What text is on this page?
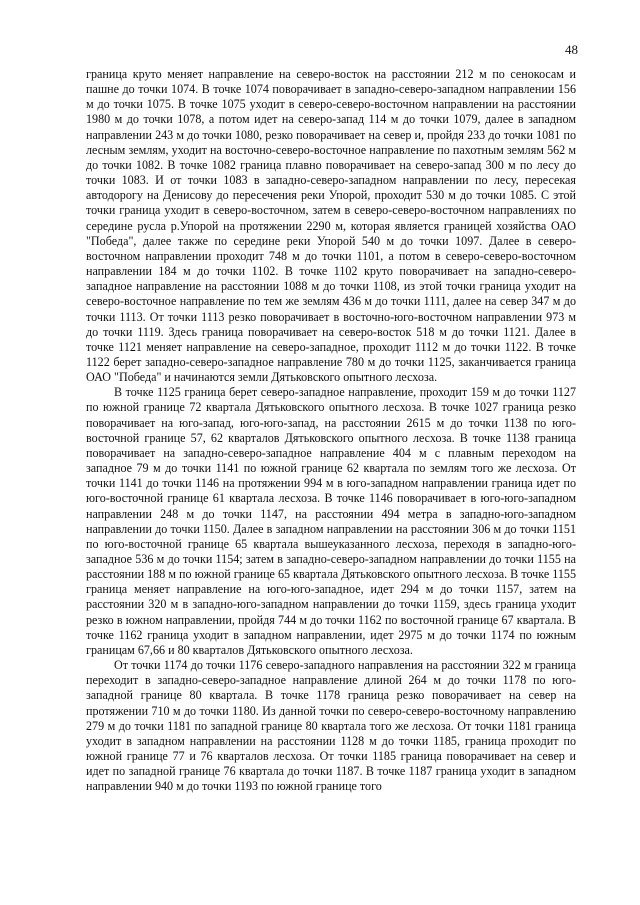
48

граница круто меняет направление на северо-восток на расстоянии 212 м по сенокосам и пашне до точки 1074. В точке 1074 поворачивает в западно-северо-западном направлении 156 м до точки 1075. В точке 1075 уходит в северо-северо-восточном направлении на расстоянии 1980 м до точки 1078, а потом идет на северо-запад 114 м до точки 1079, далее в западном направлении 243 м до точки 1080, резко поворачивает на север и, пройдя 233 до точки 1081 по лесным землям, уходит на восточно-северо-восточное направление по пахотным землям 562 м до точки 1082. В точке 1082 граница плавно поворачивает на северо-запад 300 м по лесу до точки 1083. И от точки 1083 в западно-северо-западном направлении по лесу, пересекая автодорогу на Денисову до пересечения реки Упорой, проходит 530 м до точки 1085. С этой точки граница уходит в северо-восточном, затем в северо-северо-восточном направлениях по середине русла р.Упорой на протяжении 2290 м, которая является границей хозяйства ОАО "Победа", далее также по середине реки Упорой 540 м до точки 1097. Далее в северо-восточном направлении проходит 748 м до точки 1101, а потом в северо-северо-восточном направлении 184 м до точки 1102. В точке 1102 круто поворачивает на западно-северо-западное направление на расстоянии 1088 м до точки 1108, из этой точки граница уходит на северо-восточное направление по тем же землям 436 м до точки 1111, далее на север 347 м до точки 1113. От точки 1113 резко поворачивает в восточно-юго-восточном направлении 973 м до точки 1119. Здесь граница поворачивает на северо-восток 518 м до точки 1121. Далее в точке 1121 меняет направление на северо-западное, проходит 1112 м до точки 1122. В точке 1122 берет западно-северо-западное направление 780 м до точки 1125, заканчивается граница ОАО "Победа" и начинаются земли Дятьковского опытного лесхоза.

В точке 1125 граница берет северо-западное направление, проходит 159 м до точки 1127 по южной границе 72 квартала Дятьковского опытного лесхоза. В точке 1027 граница резко поворачивает на юго-запад, юго-юго-запад, на расстоянии 2615 м до точки 1138 по юго-восточной границе 57, 62 кварталов Дятьковского опытного лесхоза. В точке 1138 граница поворачивает на западно-северо-западное направление 404 м с плавным переходом на западное 79 м до точки 1141 по южной границе 62 квартала по землям того же лесхоза. От точки 1141 до точки 1146 на протяжении 994 м в юго-западном направлении граница идет по юго-восточной границе 61 квартала лесхоза. В точке 1146 поворачивает в юго-юго-западном направлении 248 м до точки 1147, на расстоянии 494 метра в западно-юго-западном направлении до точки 1150. Далее в западном направлении на расстоянии 306 м до точки 1151 по юго-восточной границе 65 квартала вышеуказанного лесхоза, переходя в западно-юго-западное 536 м до точки 1154; затем в западно-северо-западном направлении до точки 1155 на расстоянии 188 м по южной границе 65 квартала Дятьковского опытного лесхоза. В точке 1155 граница меняет направление на юго-юго-западное, идет 294 м до точки 1157, затем на расстоянии 320 м в западно-юго-западном направлении до точки 1159, здесь граница уходит резко в южном направлении, пройдя 744 м до точки 1162 по восточной границе 67 квартала. В точке 1162 граница уходит в западном направлении, идет 2975 м до точки 1174 по южным границам 67,66 и 80 кварталов Дятьковского опытного лесхоза.

От точки 1174 до точки 1176 северо-западного направления на расстоянии 322 м граница переходит в западно-северо-западное направление длиной 264 м до точки 1178 по юго-западной границе 80 квартала. В точке 1178 граница резко поворачивает на север на протяжении 710 м до точки 1180. Из данной точки по северо-северо-восточному направлению 279 м до точки 1181 по западной границе 80 квартала того же лесхоза. От точки 1181 граница уходит в западном направлении на расстоянии 1128 м до точки 1185, граница проходит по южной границе 77 и 76 кварталов лесхоза. От точки 1185 граница поворачивает на север и идет по западной границе 76 квартала до точки 1187. В точке 1187 граница уходит в западном направлении 940 м до точки 1193 по южной границе того
